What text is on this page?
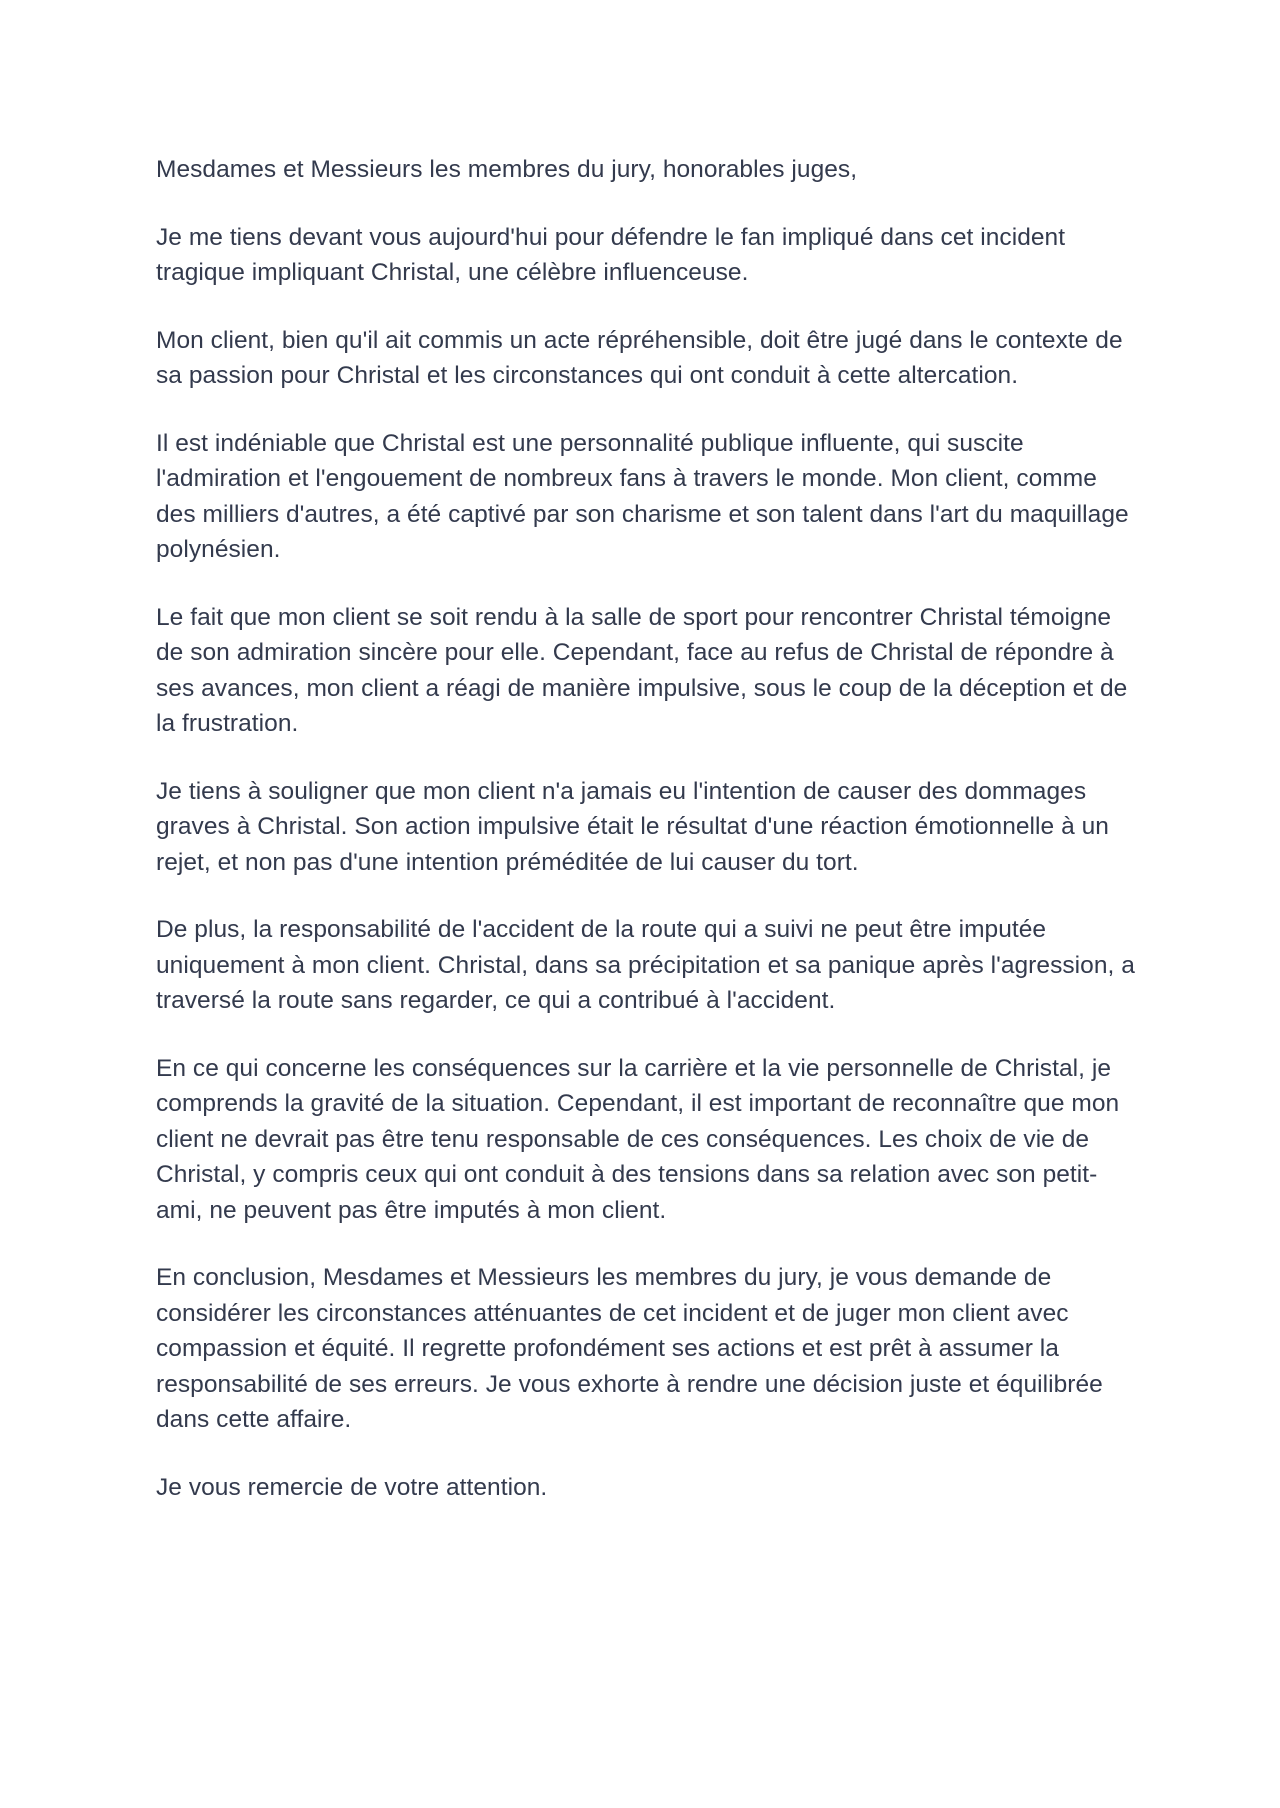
Mesdames et Messieurs les membres du jury, honorables juges,

Je me tiens devant vous aujourd'hui pour défendre le fan impliqué dans cet incident tragique impliquant Christal, une célèbre influenceuse.

Mon client, bien qu'il ait commis un acte répréhensible, doit être jugé dans le contexte de sa passion pour Christal et les circonstances qui ont conduit à cette altercation.

Il est indéniable que Christal est une personnalité publique influente, qui suscite l'admiration et l'engouement de nombreux fans à travers le monde. Mon client, comme des milliers d'autres, a été captivé par son charisme et son talent dans l'art du maquillage polynésien.

Le fait que mon client se soit rendu à la salle de sport pour rencontrer Christal témoigne de son admiration sincère pour elle. Cependant, face au refus de Christal de répondre à ses avances, mon client a réagi de manière impulsive, sous le coup de la déception et de la frustration.

Je tiens à souligner que mon client n'a jamais eu l'intention de causer des dommages graves à Christal. Son action impulsive était le résultat d'une réaction émotionnelle à un rejet, et non pas d'une intention préméditée de lui causer du tort.

De plus, la responsabilité de l'accident de la route qui a suivi ne peut être imputée uniquement à mon client. Christal, dans sa précipitation et sa panique après l'agression, a traversé la route sans regarder, ce qui a contribué à l'accident.

En ce qui concerne les conséquences sur la carrière et la vie personnelle de Christal, je comprends la gravité de la situation. Cependant, il est important de reconnaître que mon client ne devrait pas être tenu responsable de ces conséquences. Les choix de vie de Christal, y compris ceux qui ont conduit à des tensions dans sa relation avec son petit-ami, ne peuvent pas être imputés à mon client.

En conclusion, Mesdames et Messieurs les membres du jury, je vous demande de considérer les circonstances atténuantes de cet incident et de juger mon client avec compassion et équité. Il regrette profondément ses actions et est prêt à assumer la responsabilité de ses erreurs. Je vous exhorte à rendre une décision juste et équilibrée dans cette affaire.

Je vous remercie de votre attention.
